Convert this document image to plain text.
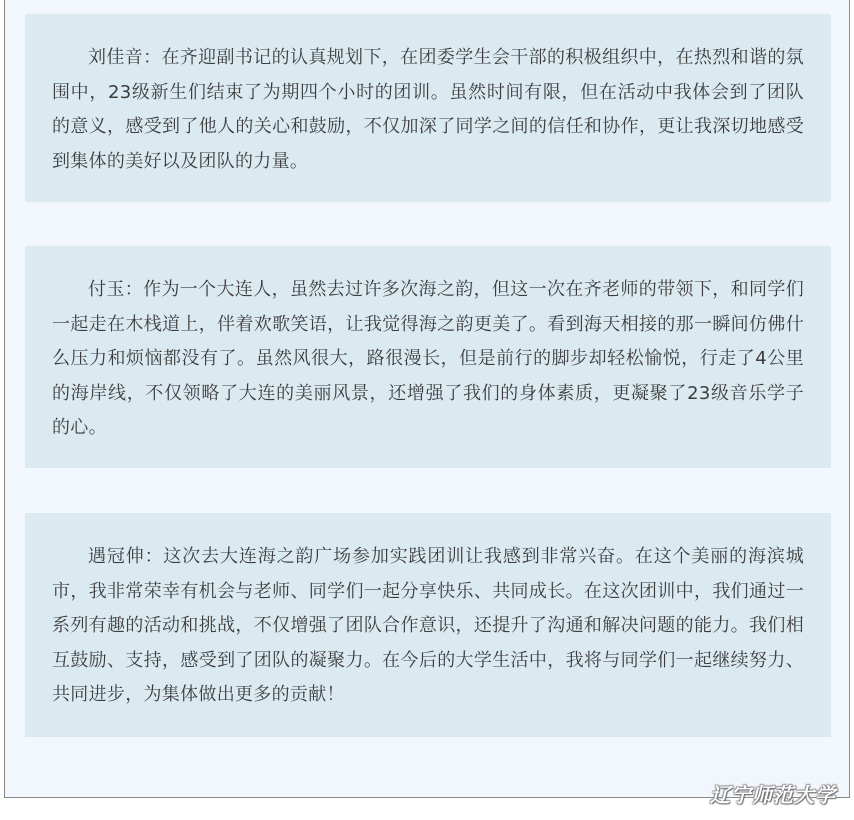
刘佳音：在齐迎副书记的认真规划下，在团委学生会干部的积极组织中，在热烈和谐的氛围中，23级新生们结束了为期四个小时的团训。虽然时间有限，但在活动中我体会到了团队的意义，感受到了他人的关心和鼓励，不仅加深了同学之间的信任和协作，更让我深切地感受到集体的美好以及团队的力量。

付玉：作为一个大连人，虽然去过许多次海之韵，但这一次在齐老师的带领下，和同学们一起走在木栈道上，伴着欢歌笑语，让我觉得海之韵更美了。看到海天相接的那一瞬间仿佛什么压力和烦恼都没有了。虽然风很大，路很漫长，但是前行的脚步却轻松愉悦，行走了4公里的海岸线，不仅领略了大连的美丽风景，还增强了我们的身体素质，更凝聚了23级音乐学子的心。

遇冠伸：这次去大连海之韵广场参加实践团训让我感到非常兴奋。在这个美丽的海滨城市，我非常荣幸有机会与老师、同学们一起分享快乐、共同成长。在这次团训中，我们通过一系列有趣的活动和挑战，不仅增强了团队合作意识，还提升了沟通和解决问题的能力。我们相互鼓励、支持，感受到了团队的凝聚力。在今后的大学生活中，我将与同学们一起继续努力、共同进步，为集体做出更多的贡献！

辽宁师范大学
